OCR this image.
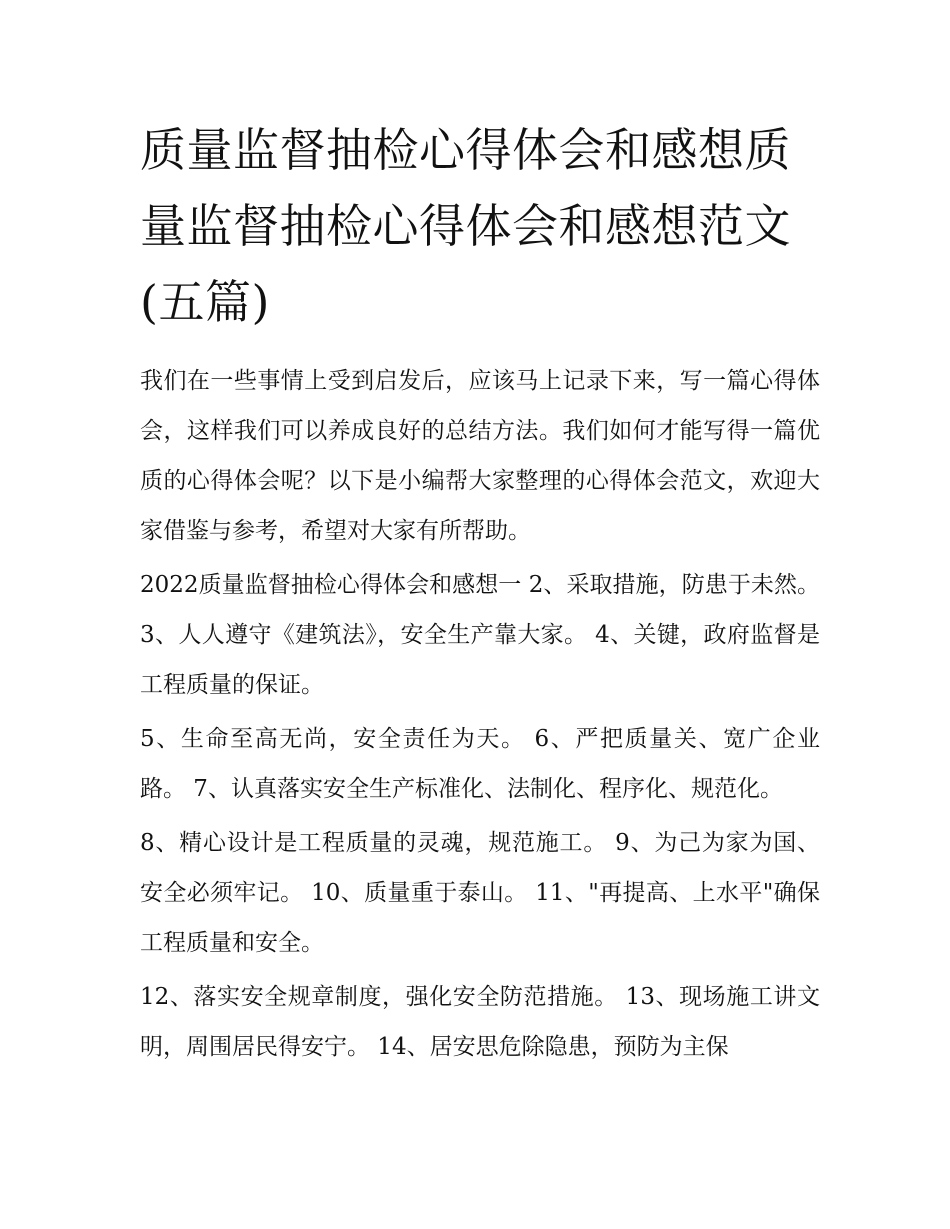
质量监督抽检心得体会和感想质量监督抽检心得体会和感想范文(五篇)

我们在一些事情上受到启发后，应该马上记录下来，写一篇心得体会，这样我们可以养成良好的总结方法。我们如何才能写得一篇优质的心得体会呢？以下是小编帮大家整理的心得体会范文，欢迎大家借鉴与参考，希望对大家有所帮助。

2022质量监督抽检心得体会和感想一 2、采取措施，防患于未然。 3、人人遵守《建筑法》，安全生产靠大家。 4、关键，政府监督是工程质量的保证。

5、生命至高无尚，安全责任为天。 6、严把质量关、宽广企业路。 7、认真落实安全生产标准化、法制化、程序化、规范化。

8、精心设计是工程质量的灵魂，规范施工。 9、为己为家为国、安全必须牢记。 10、质量重于泰山。 11、"再提高、上水平"确保工程质量和安全。

12、落实安全规章制度，强化安全防范措施。 13、现场施工讲文明，周围居民得安宁。 14、居安思危除隐患，预防为主保
